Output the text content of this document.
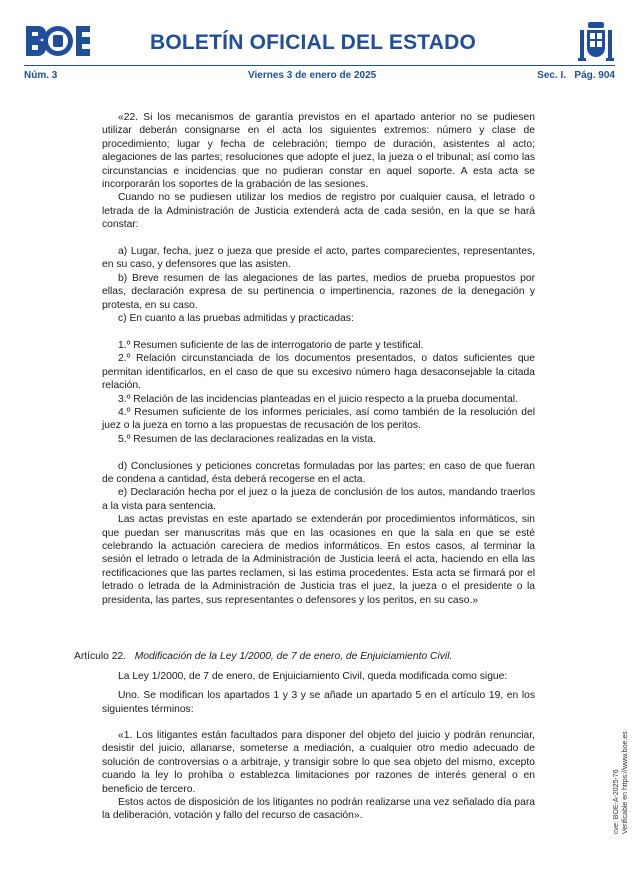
BOLETÍN OFICIAL DEL ESTADO
Núm. 3	Viernes 3 de enero de 2025	Sec. I.   Pág. 904

«22. Si los mecanismos de garantía previstos en el apartado anterior no se pudiesen utilizar deberán consignarse en el acta los siguientes extremos: número y clase de procedimiento; lugar y fecha de celebración; tiempo de duración, asistentes al acto; alegaciones de las partes; resoluciones que adopte el juez, la jueza o el tribunal; así como las circunstancias e incidencias que no pudieran constar en aquel soporte. A esta acta se incorporarán los soportes de la grabación de las sesiones.

Cuando no se pudiesen utilizar los medios de registro por cualquier causa, el letrado o letrada de la Administración de Justicia extenderá acta de cada sesión, en la que se hará constar:

a) Lugar, fecha, juez o jueza que preside el acto, partes comparecientes, representantes, en su caso, y defensores que las asisten.

b) Breve resumen de las alegaciones de las partes, medios de prueba propuestos por ellas, declaración expresa de su pertinencia o impertinencia, razones de la denegación y protesta, en su caso.

c) En cuanto a las pruebas admitidas y practicadas:

1.º Resumen suficiente de las de interrogatorio de parte y testifical.

2.º Relación circunstanciada de los documentos presentados, o datos suficientes que permitan identificarlos, en el caso de que su excesivo número haga desaconsejable la citada relación.

3.º Relación de las incidencias planteadas en el juicio respecto a la prueba documental.

4.º Resumen suficiente de los informes periciales, así como también de la resolución del juez o la jueza en torno a las propuestas de recusación de los peritos.

5.º Resumen de las declaraciones realizadas en la vista.

d) Conclusiones y peticiones concretas formuladas por las partes; en caso de que fueran de condena a cantidad, ésta deberá recogerse en el acta.

e) Declaración hecha por el juez o la jueza de conclusión de los autos, mandando traerlos a la vista para sentencia.

Las actas previstas en este apartado se extenderán por procedimientos informáticos, sin que puedan ser manuscritas más que en las ocasiones en que la sala en que se esté celebrando la actuación careciera de medios informáticos. En estos casos, al terminar la sesión el letrado o letrada de la Administración de Justicia leerá el acta, haciendo en ella las rectificaciones que las partes reclamen, si las estima procedentes. Esta acta se firmará por el letrado o letrada de la Administración de Justicia tras el juez, la jueza o el presidente o la presidenta, las partes, sus representantes o defensores y los peritos, en su caso.»

Artículo 22. Modificación de la Ley 1/2000, de 7 de enero, de Enjuiciamiento Civil.

La Ley 1/2000, de 7 de enero, de Enjuiciamiento Civil, queda modificada como sigue:

Uno. Se modifican los apartados 1 y 3 y se añade un apartado 5 en el artículo 19, en los siguientes términos:

«1. Los litigantes están facultados para disponer del objeto del juicio y podrán renunciar, desistir del juicio, allanarse, someterse a mediación, a cualquier otro medio adecuado de solución de controversias o a arbitraje, y transigir sobre lo que sea objeto del mismo, excepto cuando la ley lo prohíba o establezca limitaciones por razones de interés general o en beneficio de tercero.

Estos actos de disposición de los litigantes no podrán realizarse una vez señalado día para la deliberación, votación y fallo del recurso de casación».	cve: BOE-A-2025-76 Verificable en https://www.boe.es
